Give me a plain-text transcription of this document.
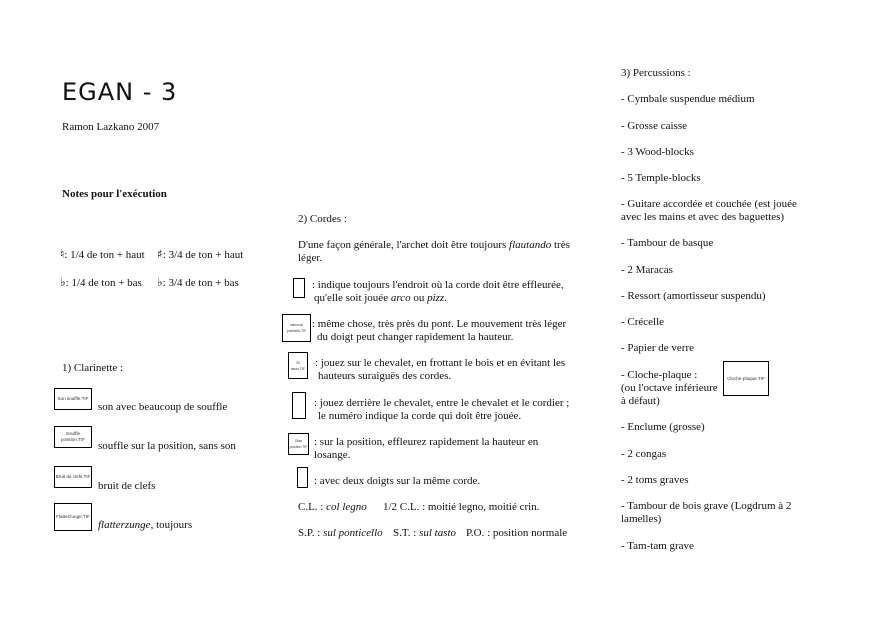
EGAN - 3
Ramon Lazkano 2007
Notes pour l'exécution
♮: 1/4 de ton + haut ♯: 3/4 de ton + haut
♭: 1/4 de ton + bas ♭: 3/4 de ton + bas
1) Clarinette :
Son souffle.TIF
son avec beaucoup de souffle
Souffle position.TIF
souffle sur la position, sans son
Bruit de clefs.TIF
bruit de clefs
Flatterzunge.TIF
flatterzunge, toujours
2) Cordes :
D'une façon générale, l'archet doit être toujours flautando très léger.
: indique toujours l'endroit où la corde doit être effleurée,
qu'elle soit jouée arco ou pizz.
harmonic ponticello.TIF
: même chose, très près du pont. Le mouvement très léger
du doigt peut changer rapidement la hauteur.
Sl tasto.TIF : jouez sur le chevalet, en frottant le bois et en évitant les
hauteurs suraiguës des cordes.
: jouez derrière le chevalet, entre le chevalet et le cordier ;
le numéro indique la corde qui doit être jouée.
Gliss position.TIF : sur la position, effleurez rapidement la hauteur en
losange.
: avec deux doigts sur la même corde.
C.L. : col legno 1/2 C.L. : moitié legno, moitié crin.
S.P. : sul ponticello S.T. : sul tasto P.O. : position normale
3) Percussions :
- Cymbale suspendue médium
- Grosse caisse
- 3 Wood-blocks
- 5 Temple-blocks
- Guitare accordée et couchée (est jouée avec les mains et avec des baguettes)
- Tambour de basque
- 2 Maracas
- Ressort (amortisseur suspendu)
- Crécelle
- Papier de verre
- Cloche-plaque :
(ou l'octave inférieure
à défaut)
Cloche-plaque.TIF
- Enclume (grosse)
- 2 congas
- 2 toms graves
- Tambour de bois grave (Logdrum à 2 lamelles)
- Tam-tam grave
